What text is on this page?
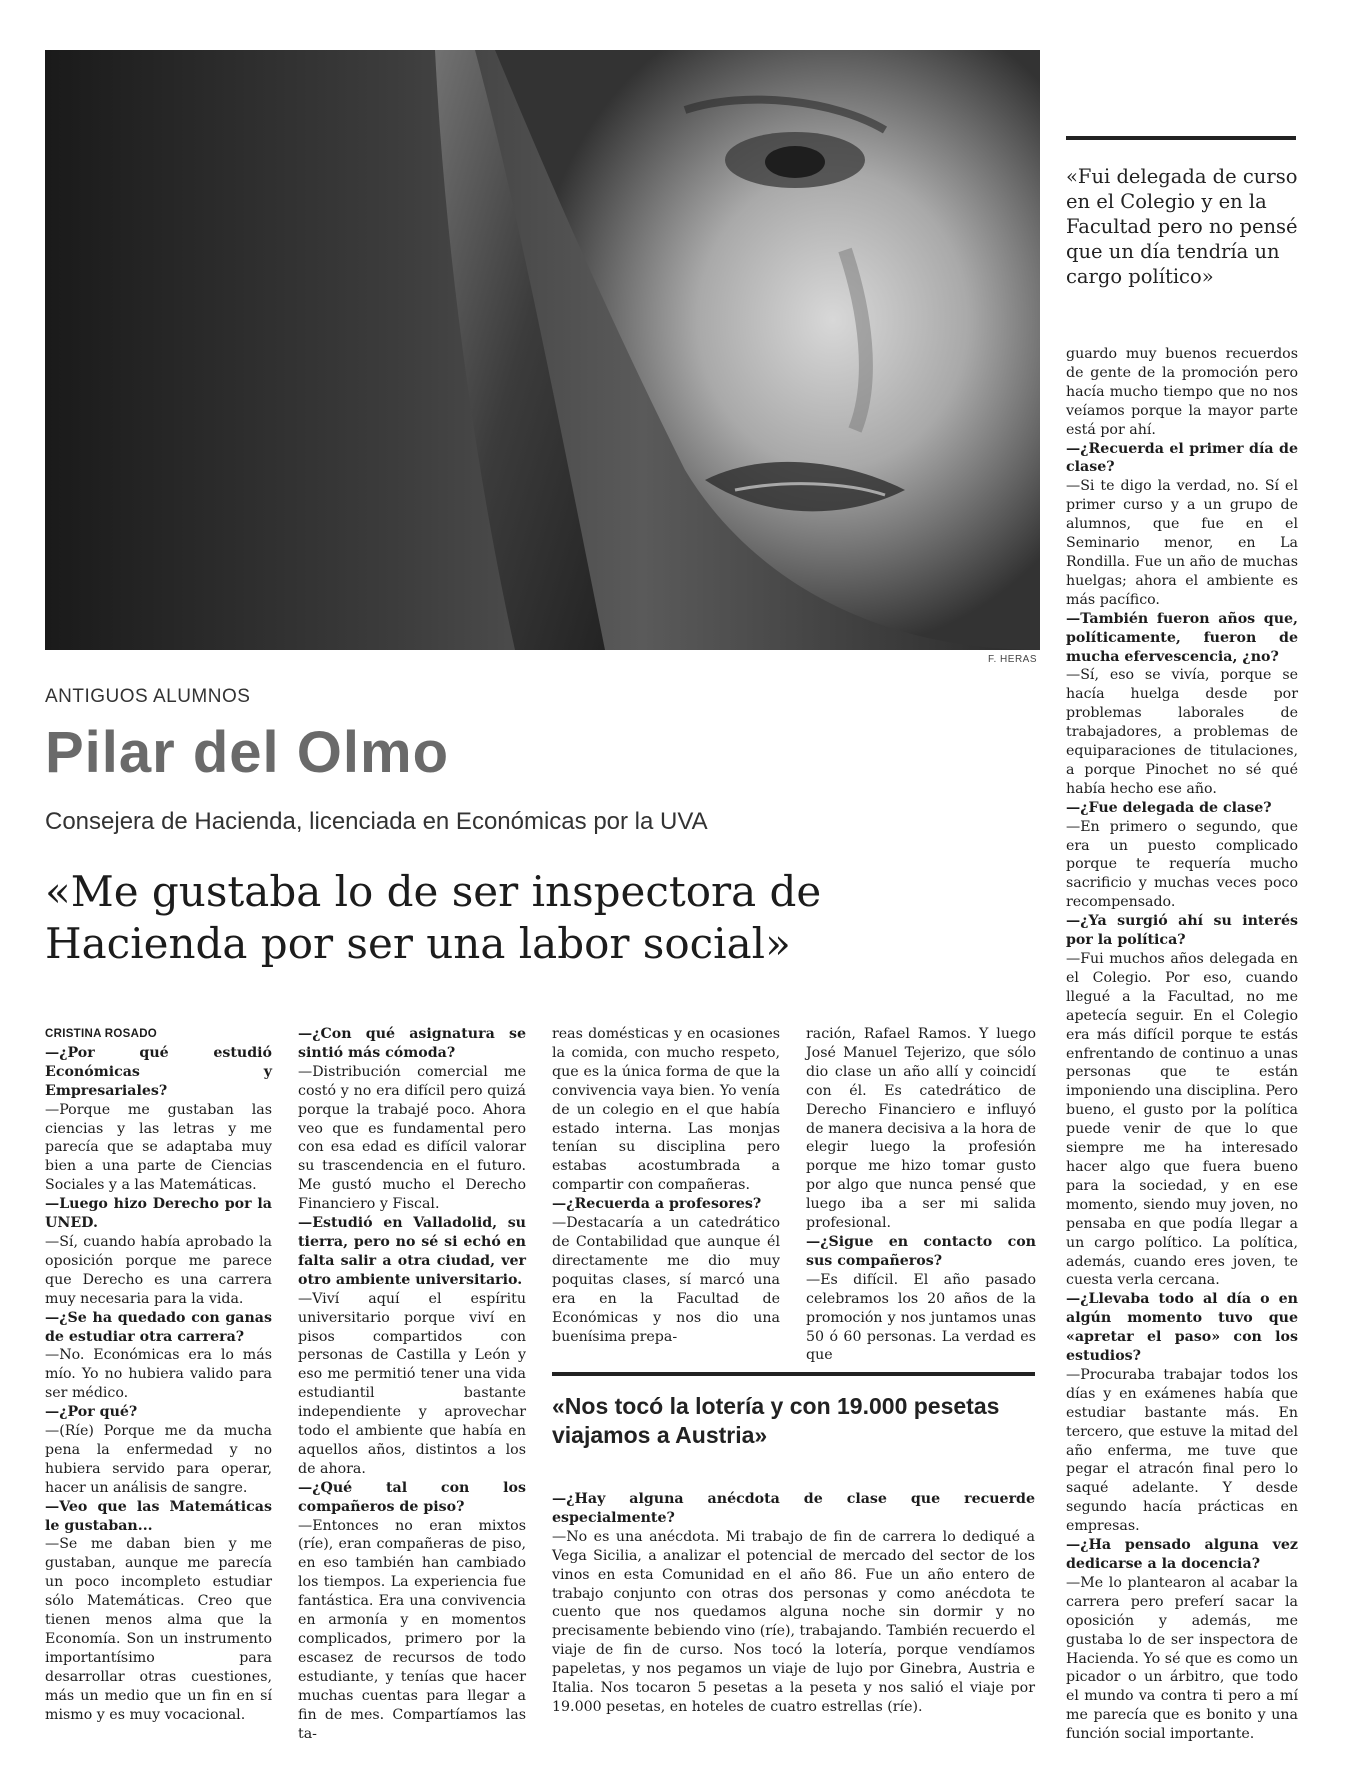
F. HERAS
«Fui delegada de curso en el Colegio y en la Facultad pero no pensé que un día tendría un cargo político»
ANTIGUOS ALUMNOS
Pilar del Olmo
Consejera de Hacienda, licenciada en Económicas por la UVA
«Me gustaba lo de ser inspectora de Hacienda por ser una labor social»

CRISTINA ROSADO

—¿Por qué estudió Económicas y Empresariales?

—Porque me gustaban las ciencias y las letras y me parecía que se adaptaba muy bien a una parte de Ciencias Sociales y a las Matemáticas.

—Luego hizo Derecho por la UNED.

—Sí, cuando había aprobado la oposición porque me parece que Derecho es una carrera muy necesaria para la vida.

—¿Se ha quedado con ganas de estudiar otra carrera?

—No. Económicas era lo más mío. Yo no hubiera valido para ser médico.

—¿Por qué?

—(Ríe) Porque me da mucha pena la enfermedad y no hubiera servido para operar, hacer un análisis de sangre.

—Veo que las Matemáticas le gustaban...

—Se me daban bien y me gustaban, aunque me parecía un poco incompleto estudiar sólo Matemáticas. Creo que tienen menos alma que la Economía. Son un instrumento importantísimo para desarrollar otras cuestiones, más un medio que un fin en sí mismo y es muy vocacional.

—¿Con qué asignatura se sintió más cómoda?

—Distribución comercial me costó y no era difícil pero quizá porque la trabajé poco. Ahora veo que es fundamental pero con esa edad es difícil valorar su trascendencia en el futuro. Me gustó mucho el Derecho Financiero y Fiscal.

—Estudió en Valladolid, su tierra, pero no sé si echó en falta salir a otra ciudad, ver otro ambiente universitario.

—Viví aquí el espíritu universitario porque viví en pisos compartidos con personas de Castilla y León y eso me permitió tener una vida estudiantil bastante independiente y aprovechar todo el ambiente que había en aquellos años, distintos a los de ahora.

—¿Qué tal con los compañeros de piso?

—Entonces no eran mixtos (ríe), eran compañeras de piso, en eso también han cambiado los tiempos. La experiencia fue fantástica. Era una convivencia en armonía y en momentos complicados, primero por la escasez de recursos de todo estudiante, y tenías que hacer muchas cuentas para llegar a fin de mes. Compartíamos las ta-

reas domésticas y en ocasiones la comida, con mucho respeto, que es la única forma de que la convivencia vaya bien. Yo venía de un colegio en el que había estado interna. Las monjas tenían su disciplina pero estabas acostumbrada a compartir con compañeras.

—¿Recuerda a profesores?

—Destacaría a un catedrático de Contabilidad que aunque él directamente me dio muy poquitas clases, sí marcó una era en la Facultad de Económicas y nos dio una buenísima prepa-

ración, Rafael Ramos. Y luego José Manuel Tejerizo, que sólo dio clase un año allí y coincidí con él. Es catedrático de Derecho Financiero e influyó de manera decisiva a la hora de elegir luego la profesión porque me hizo tomar gusto por algo que nunca pensé que luego iba a ser mi salida profesional.

—¿Sigue en contacto con sus compañeros?

—Es difícil. El año pasado celebramos los 20 años de la promoción y nos juntamos unas 50 ó 60 personas. La verdad es que

guardo muy buenos recuerdos de gente de la promoción pero hacía mucho tiempo que no nos veíamos porque la mayor parte está por ahí.

—¿Recuerda el primer día de clase?

—Si te digo la verdad, no. Sí el primer curso y a un grupo de alumnos, que fue en el Seminario menor, en La Rondilla. Fue un año de muchas huelgas; ahora el ambiente es más pacífico.

—También fueron años que, políticamente, fueron de mucha efervescencia, ¿no?

—Sí, eso se vivía, porque se hacía huelga desde por problemas laborales de trabajadores, a problemas de equiparaciones de titulaciones, a porque Pinochet no sé qué había hecho ese año.

—¿Fue delegada de clase?

—En primero o segundo, que era un puesto complicado porque te requería mucho sacrificio y muchas veces poco recompensado.

—¿Ya surgió ahí su interés por la política?

—Fui muchos años delegada en el Colegio. Por eso, cuando llegué a la Facultad, no me apetecía seguir. En el Colegio era más difícil porque te estás enfrentando de continuo a unas personas que te están imponiendo una disciplina. Pero bueno, el gusto por la política puede venir de que lo que siempre me ha interesado hacer algo que fuera bueno para la sociedad, y en ese momento, siendo muy joven, no pensaba en que podía llegar a un cargo político. La política, además, cuando eres joven, te cuesta verla cercana.

—¿Llevaba todo al día o en algún momento tuvo que «apretar el paso» con los estudios?

—Procuraba trabajar todos los días y en exámenes había que estudiar bastante más. En tercero, que estuve la mitad del año enferma, me tuve que pegar el atracón final pero lo saqué adelante. Y desde segundo hacía prácticas en empresas.

—¿Ha pensado alguna vez dedicarse a la docencia?

—Me lo plantearon al acabar la carrera pero preferí sacar la oposición y además, me gustaba lo de ser inspectora de Hacienda. Yo sé que es como un picador o un árbitro, que todo el mundo va contra ti pero a mí me parecía que es bonito y una función social importante.

«Nos tocó la lotería y con 19.000 pesetas viajamos a Austria»

—¿Hay alguna anécdota de clase que recuerde especialmente?

—No es una anécdota. Mi trabajo de fin de carrera lo dediqué a Vega Sicilia, a analizar el potencial de mercado del sector de los vinos en esta Comunidad en el año 86. Fue un año entero de trabajo conjunto con otras dos personas y como anécdota te cuento que nos quedamos alguna noche sin dormir y no precisamente bebiendo vino (ríe), trabajando. También recuerdo el viaje de fin de curso. Nos tocó la lotería, porque vendíamos papeletas, y nos pegamos un viaje de lujo por Ginebra, Austria e Italia. Nos tocaron 5 pesetas a la peseta y nos salió el viaje por 19.000 pesetas, en hoteles de cuatro estrellas (ríe).
